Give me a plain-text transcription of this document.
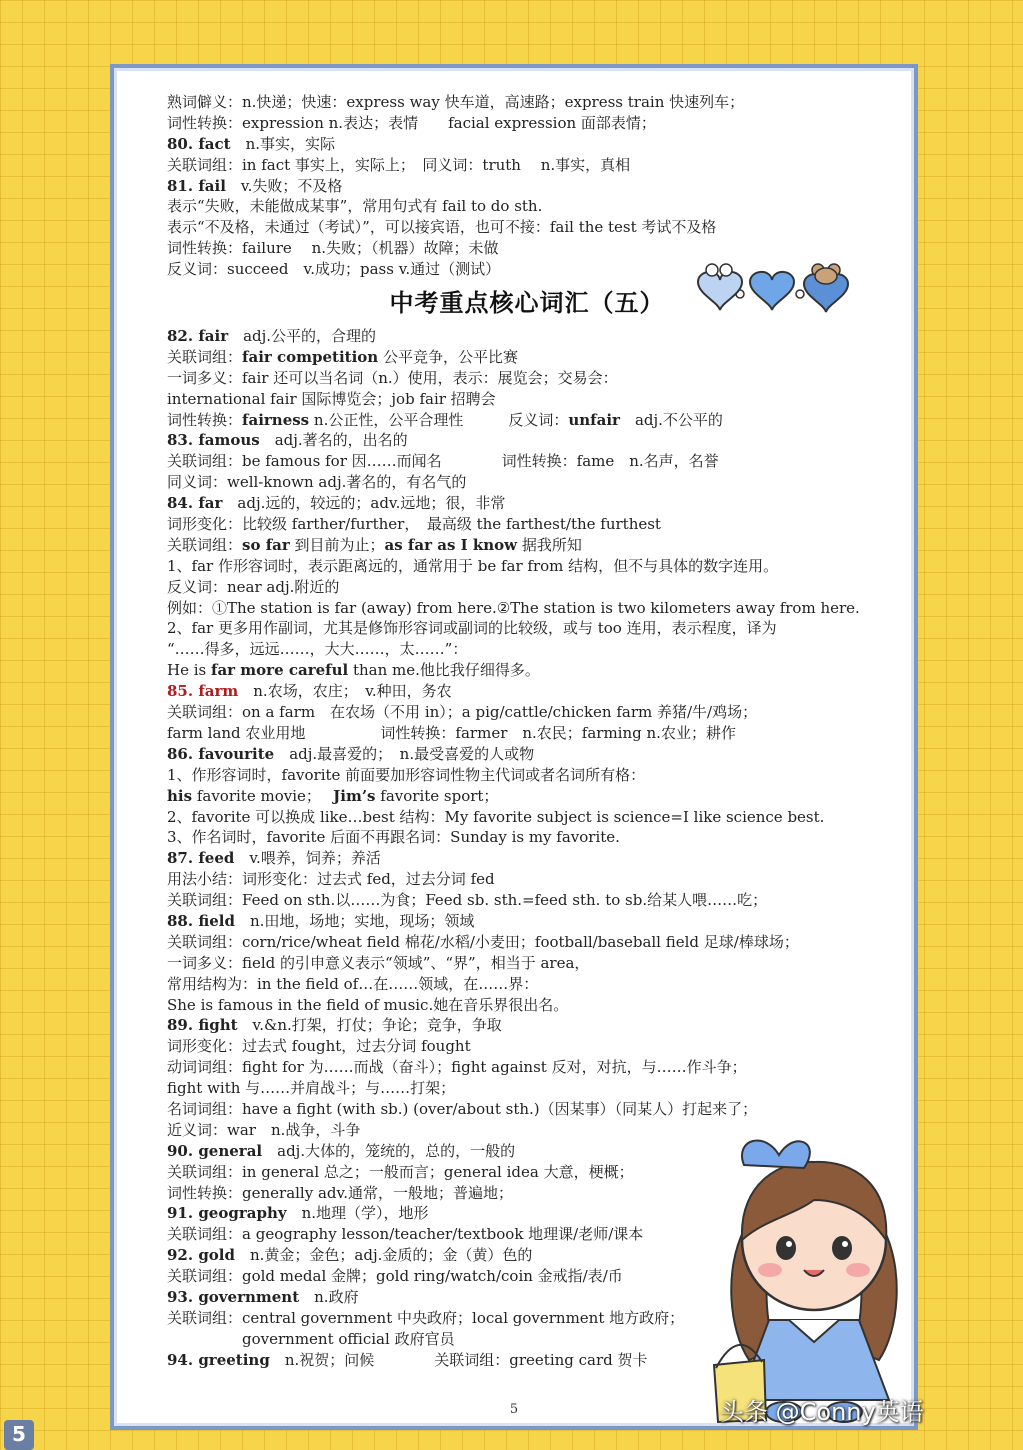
熟词僻义：n.快递；快速：express way 快车道，高速路；express train 快速列车；
词性转换：expression n.表达；表情　　facial expression 面部表情；
80. fact　n.事实，实际
关联词组：in fact 事实上，实际上；　同义词：truth　 n.事实，真相
81. fail　v.失败；不及格
表示“失败，未能做成某事”，常用句式有 fail to do sth.
表示“不及格，未通过（考试）”，可以接宾语，也可不接：fail the test 考试不及格
词性转换：failure　 n.失败；（机器）故障；未做
反义词：succeed　v.成功；pass v.通过（测试）
中考重点核心词汇（五）
82. fair　adj.公平的，合理的
关联词组：fair competition 公平竞争，公平比赛
一词多义：fair 还可以当名词（n.）使用，表示：展览会；交易会：
international fair 国际博览会；job fair 招聘会
词性转换：fairness n.公正性，公平合理性　　　反义词：unfair　adj.不公平的
83. famous　adj.著名的，出名的
关联词组：be famous for 因……而闻名　　　　词性转换：fame　n.名声，名誉
同义词：well-known adj.著名的，有名气的
84. far　adj.远的，较远的；adv.远地；很，非常
词形变化：比较级 farther/further，　最高级 the farthest/the furthest
关联词组：so far 到目前为止；as far as I know 据我所知
1、far 作形容词时，表示距离远的，通常用于 be far from 结构，但不与具体的数字连用。
反义词：near adj.附近的
例如：①The station is far (away) from here.②The station is two kilometers away from here.
2、far 更多用作副词，尤其是修饰形容词或副词的比较级，或与 too 连用，表示程度，译为
“……得多，远远……，大大……，太……”：
He is far more careful than me.他比我仔细得多。
85. farm　n.农场，农庄；　v.种田，务农
关联词组：on a farm　在农场（不用 in）；a pig/cattle/chicken farm 养猪/牛/鸡场；
farm land 农业用地　　　　　词性转换：farmer　n.农民；farming n.农业；耕作
86. favourite　adj.最喜爱的；　n.最受喜爱的人或物
1、作形容词时，favorite 前面要加形容词性物主代词或者名词所有格：
his favorite movie；　 Jim’s favorite sport；
2、favorite 可以换成 like…best 结构：My favorite subject is science=I like science best.
3、作名词时，favorite 后面不再跟名词：Sunday is my favorite.
87. feed　v.喂养，饲养；养活
用法小结：词形变化：过去式 fed，过去分词 fed
关联词组：Feed on sth.以……为食；Feed sb. sth.=feed sth. to sb.给某人喂……吃；
88. field　n.田地，场地；实地，现场；领域
关联词组：corn/rice/wheat field 棉花/水稻/小麦田；football/baseball field 足球/棒球场；
一词多义：field 的引申意义表示“领域”、“界”，相当于 area，
常用结构为：in the field of…在……领域，在……界：
She is famous in the field of music.她在音乐界很出名。
89. fight　v.&n.打架，打仗；争论；竞争，争取
词形变化：过去式 fought，过去分词 fought
动词词组：fight for 为……而战（奋斗）；fight against 反对，对抗，与……作斗争；
fight with 与……并肩战斗；与……打架；
名词词组：have a fight (with sb.) (over/about sth.)（因某事）（同某人）打起来了；
近义词：war　n.战争，斗争
90. general　adj.大体的，笼统的，总的，一般的
关联词组：in general 总之；一般而言；general idea 大意，梗概；
词性转换：generally adv.通常，一般地；普遍地；
91. geography　n.地理（学），地形
关联词组：a geography lesson/teacher/textbook 地理课/老师/课本
92. gold　n.黄金；金色；adj.金质的；金（黄）色的
关联词组：gold medal 金牌；gold ring/watch/coin 金戒指/表/币
93. government　n.政府
关联词组：central government 中央政府；local government 地方政府；
　　　　　government official 政府官员
94. greeting　n.祝贺；问候　　　　关联词组：greeting card 贺卡
5
5
头条 @Conny英语
